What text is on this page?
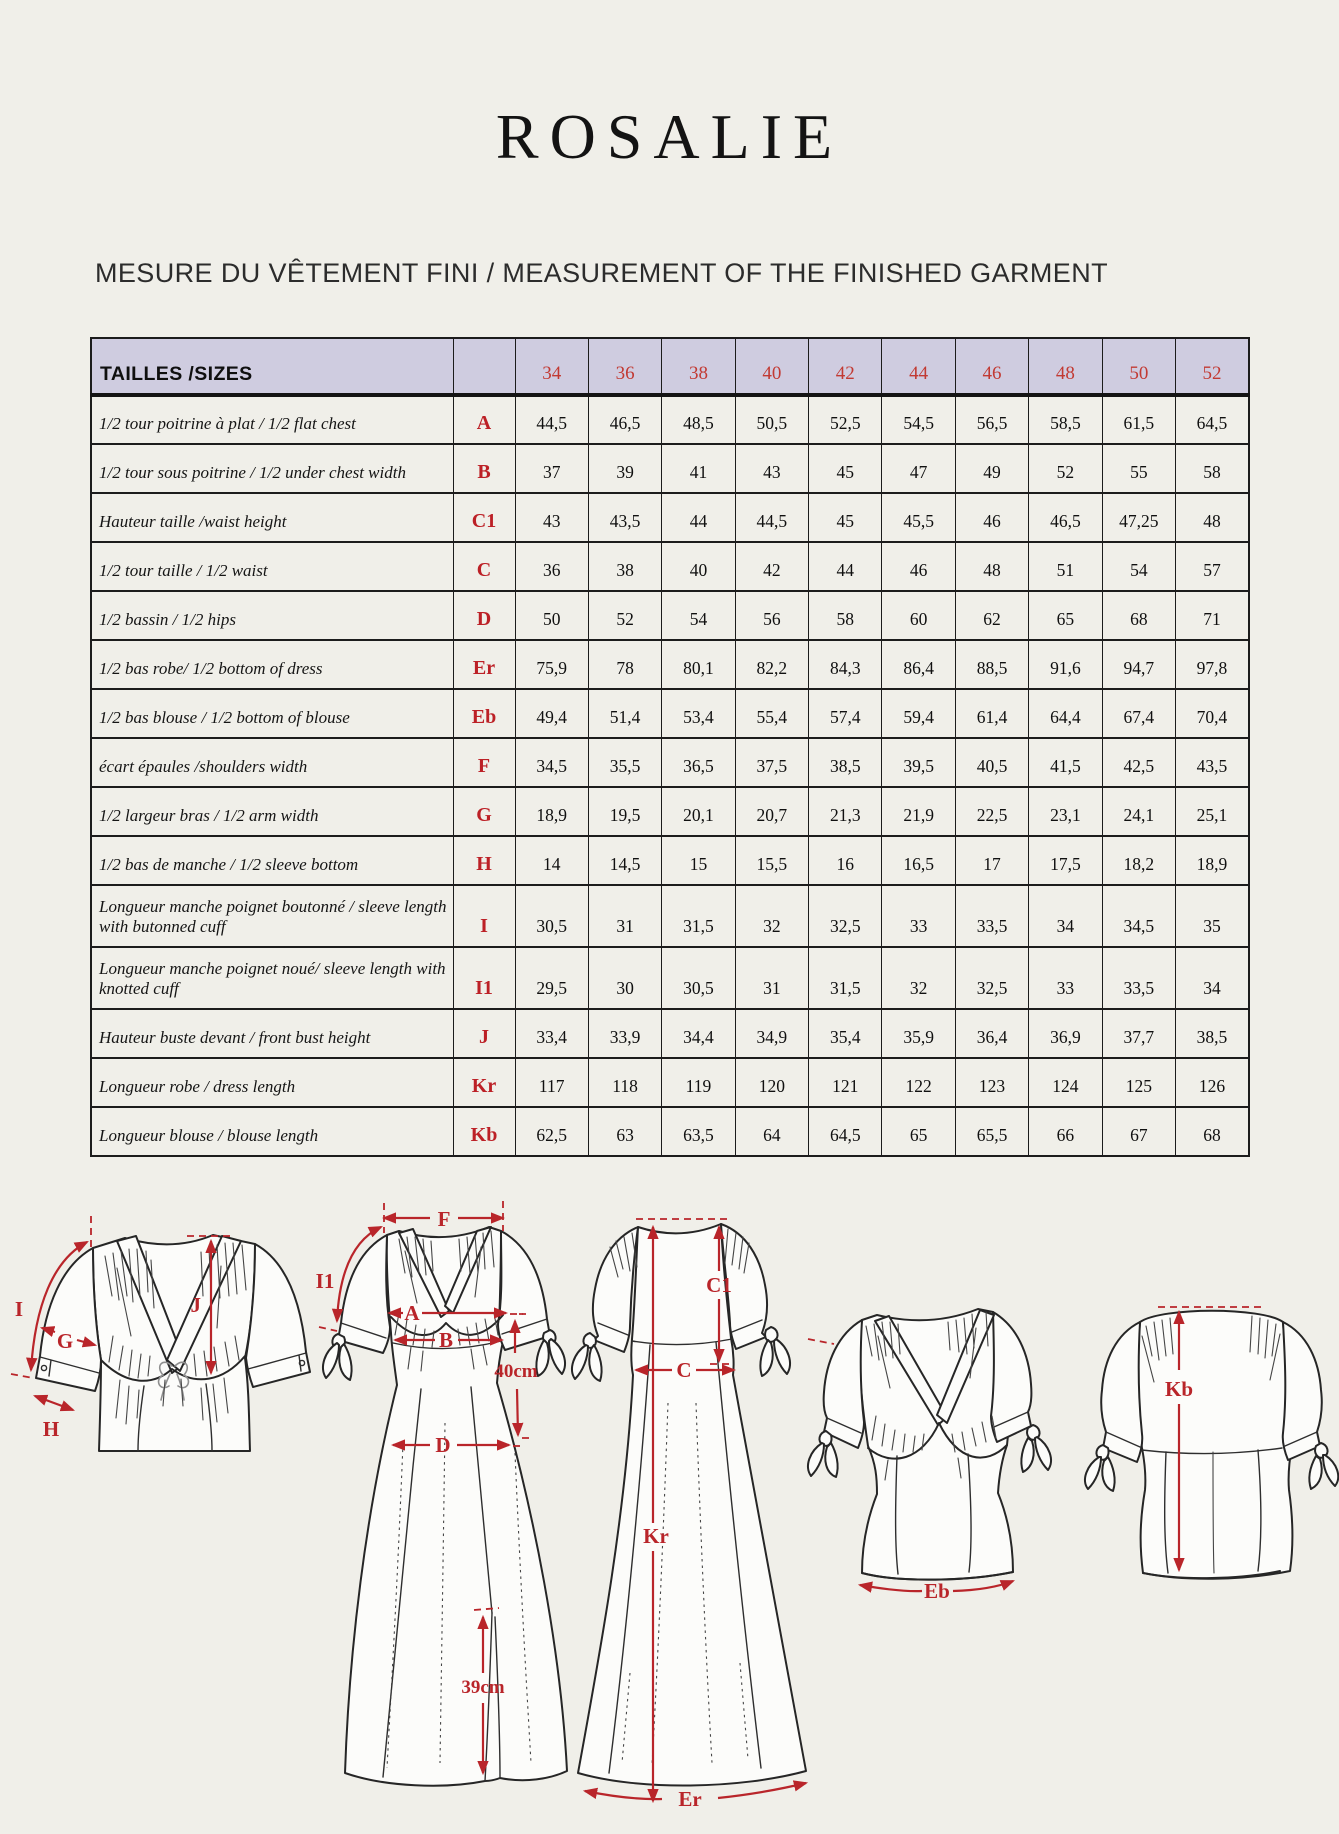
ROSALIE
MESURE DU VÊTEMENT FINI / MEASUREMENT OF THE FINISHED GARMENT
TAILLES /SIZES		34	36	38	40	42	44	46	48	50	52
1/2 tour poitrine à plat / 1/2 flat chest	A	44,5	46,5	48,5	50,5	52,5	54,5	56,5	58,5	61,5	64,5
1/2 tour sous poitrine / 1/2 under chest width	B	37	39	41	43	45	47	49	52	55	58
Hauteur taille /waist height	C1	43	43,5	44	44,5	45	45,5	46	46,5	47,25	48
1/2 tour taille / 1/2 waist	C	36	38	40	42	44	46	48	51	54	57
1/2 bassin / 1/2 hips	D	50	52	54	56	58	60	62	65	68	71
1/2 bas robe/ 1/2 bottom of dress	Er	75,9	78	80,1	82,2	84,3	86,4	88,5	91,6	94,7	97,8
1/2 bas blouse / 1/2 bottom of blouse	Eb	49,4	51,4	53,4	55,4	57,4	59,4	61,4	64,4	67,4	70,4
écart épaules /shoulders width	F	34,5	35,5	36,5	37,5	38,5	39,5	40,5	41,5	42,5	43,5
1/2 largeur bras / 1/2 arm width	G	18,9	19,5	20,1	20,7	21,3	21,9	22,5	23,1	24,1	25,1
1/2 bas de manche / 1/2 sleeve bottom	H	14	14,5	15	15,5	16	16,5	17	17,5	18,2	18,9
Longueur manche poignet boutonné / sleeve length with butonned cuff	I	30,5	31	31,5	32	32,5	33	33,5	34	34,5	35
Longueur manche poignet noué/ sleeve length with knotted cuff	I1	29,5	30	30,5	31	31,5	32	32,5	33	33,5	34
Hauteur buste devant / front bust height	J	33,4	33,9	34,4	34,9	35,4	35,9	36,4	36,9	37,7	38,5
Longueur robe / dress length	Kr	117	118	119	120	121	122	123	124	125	126
Longueur blouse / blouse length	Kb	62,5	63	63,5	64	64,5	65	65,5	66	67	68
I
G
H
J
F
I1
A
B
40cm
D
39cm
Kr
C1
C
Er
Eb
Kb
